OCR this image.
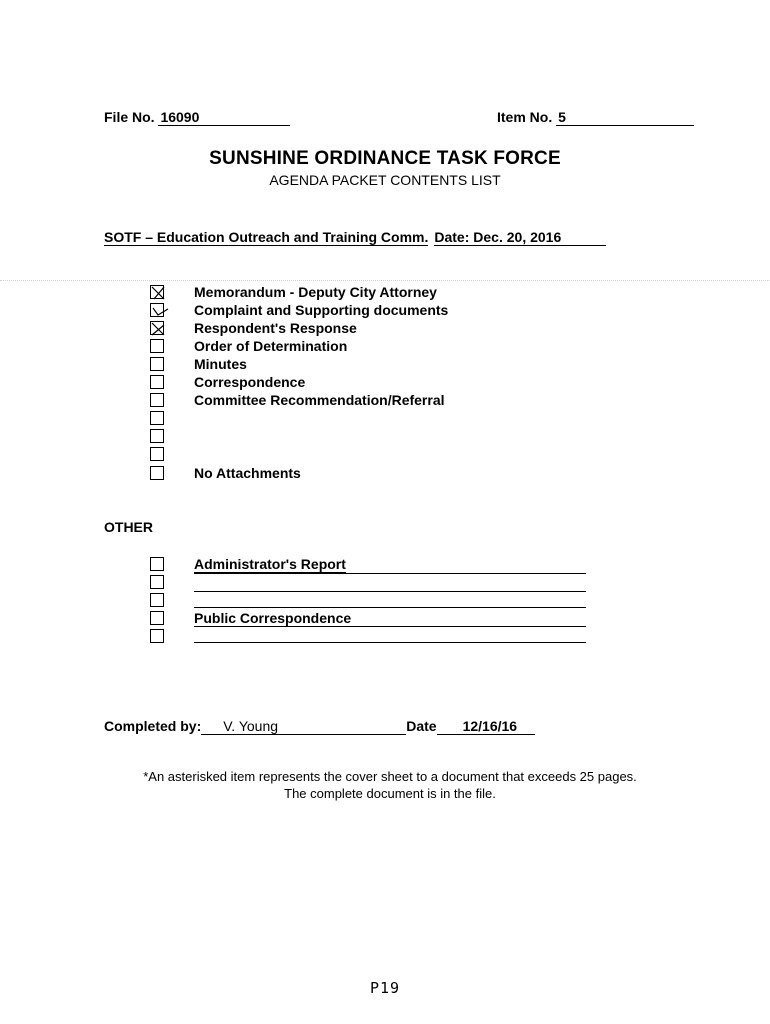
File No. 16090	Item No. 5
SUNSHINE ORDINANCE TASK FORCE
AGENDA PACKET CONTENTS LIST
SOTF – Education Outreach and Training Comm. Date: Dec. 20, 2016
Memorandum - Deputy City Attorney
Complaint and Supporting documents
Respondent's Response
Order of Determination
Minutes
Correspondence
Committee Recommendation/Referral
No Attachments
OTHER
Administrator's Report
Public Correspondence
Completed by: V. Young	Date 12/16/16
*An asterisked item represents the cover sheet to a document that exceeds 25 pages.
The complete document is in the file.
P19
